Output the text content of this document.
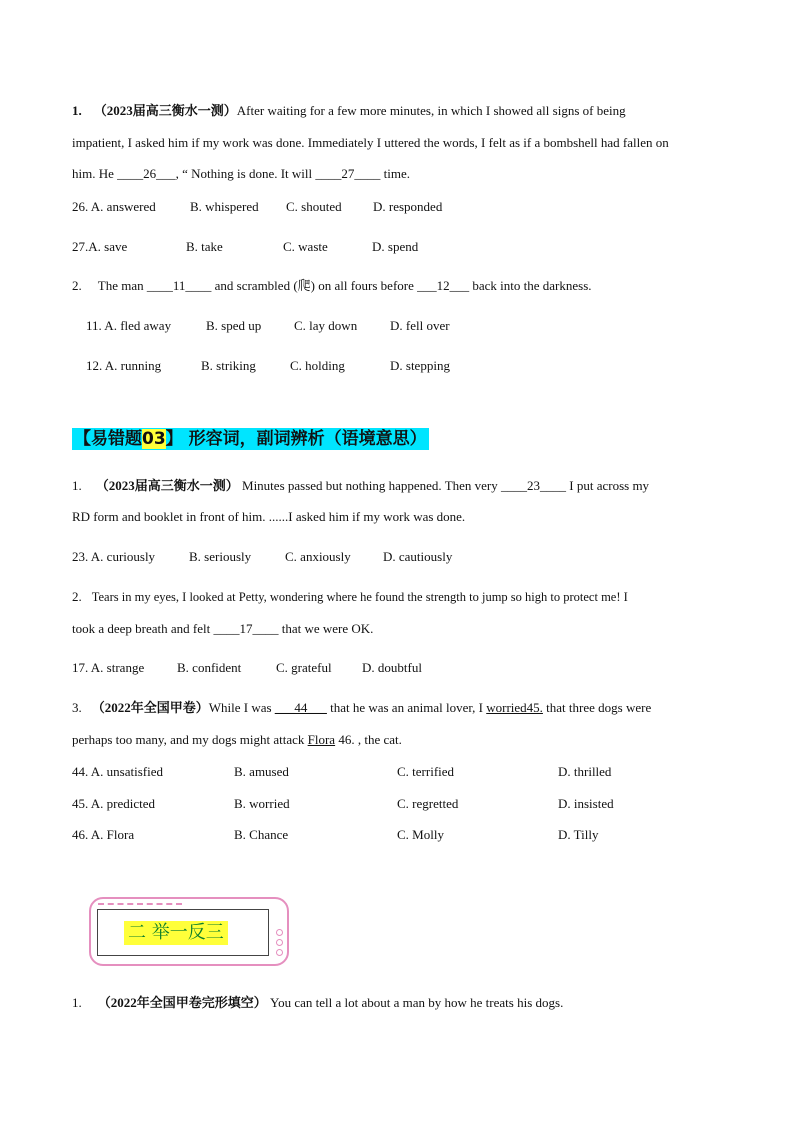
1. （2023届高三衡水一测）After waiting for a few more minutes, in which I showed all signs of being
impatient, I asked him if my work was done. Immediately I uttered the words, I felt as if a bombshell had fallen on
him. He ____26___, “ Nothing is done. It will ____27____ time.
26. A. answered	B. whispered C. shouted D. responded
27.A. save	B. take	C. waste	D. spend
2. The man ____11____ and scrambled (爬) on all fours before ___12___ back into the darkness.
11. A. fled away	B. sped up	C. lay down	D. fell over
12. A. running	B. striking	C. holding	D. stepping
【易错题03】 形容词，副词辨析（语境意思）
1. （2023届高三衡水一测） Minutes passed but nothing happened. Then very ____23____ I put across my
RD form and booklet in front of him. ......I asked him if my work was done.
23. A. curiously	B. seriously	C. anxiously D. cautiously
2. Tears in my eyes, I looked at Petty, wondering where he found the strength to jump so high to protect me! I
took a deep breath and felt ____17____ that we were OK.
17. A. strange	B. confident	C. grateful D. doubtful
3. （2022年全国甲卷）While I was ___44___ that he was an animal lover, I worried45. that three dogs were
perhaps too many, and my dogs might attack Flora 46. , the cat.
44. A. unsatisfied	B. amused	C. terrified	D. thrilled
45. A. predicted	B. worried	C. regretted	D. insisted
46. A. Flora	B. Chance	C. Molly	D. Tilly
二 举一反三
1. （2022年全国甲卷完形填空） You can tell a lot about a man by how he treats his dogs.
